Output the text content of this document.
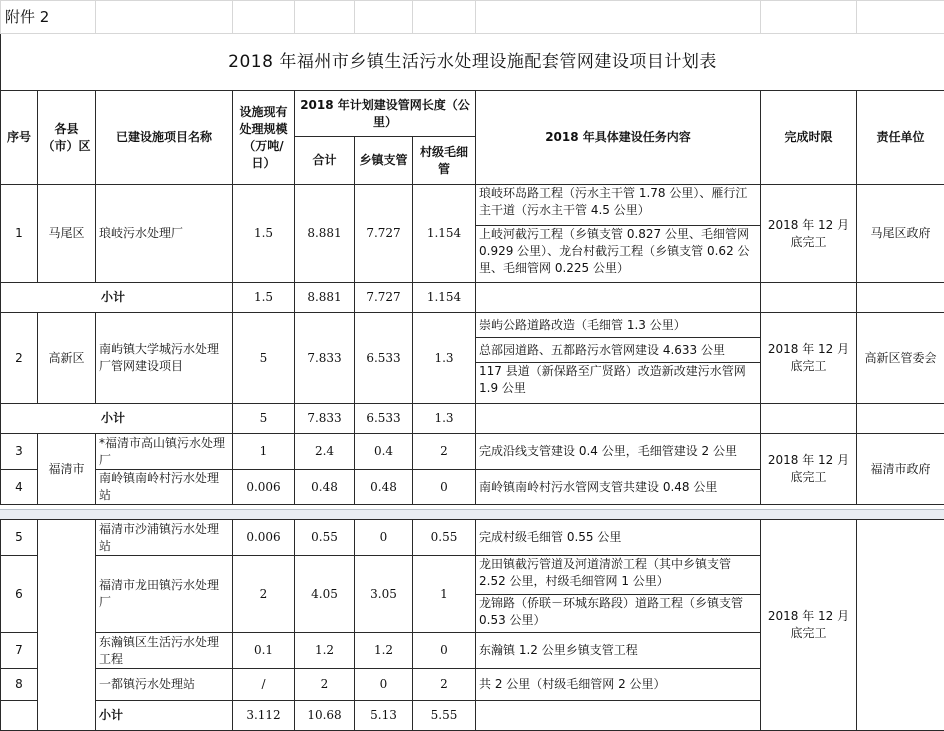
附件 2									
2018 年福州市乡镇生活污水处理设施配套管网建设项目计划表									
序号	各县（市）区	已建设施项目名称	设施现有处理规模（万吨/日）	2018 年计划建设管网长度（公里）			2018 年具体建设任务内容	完成时限	责任单位
				合计	乡镇支管	村级毛细管			
1	马尾区	琅岐污水处理厂	1.5	8.881	7.727	1.154	琅岐环岛路工程（污水主干管 1.78 公里）、雁行江主干道（污水主干管 4.5 公里）
上岐河截污工程（乡镇支管 0.827 公里、毛细管网 0.929 公里）、龙台村截污工程（乡镇支管 0.62 公里、毛细管网 0.225 公里）	2018 年 12 月底完工	马尾区政府
小计			1.5	8.881	7.727	1.154			
2	高新区	南屿镇大学城污水处理厂管网建设项目	5	7.833	6.533	1.3	崇屿公路道路改造（毛细管 1.3 公里）
总部园道路、五都路污水管网建设 4.633 公里
117 县道（新保路至广贤路）改造新改建污水管网 1.9 公里	2018 年 12 月底完工	高新区管委会
小计			5	7.833	6.533	1.3			
3	福清市	*福清市高山镇污水处理厂	1	2.4	0.4	2	完成沿线支管建设 0.4 公里，毛细管建设 2 公里	2018 年 12 月底完工	福清市政府
4		南岭镇南岭村污水处理站	0.006	0.48	0.48	0	南岭镇南岭村污水管网支管共建设 0.48 公里		
5		福清市沙浦镇污水处理站	0.006	0.55	0	0.55	完成村级毛细管 0.55 公里	2018 年 12 月底完工	
6		福清市龙田镇污水处理厂	2	4.05	3.05	1	龙田镇截污管道及河道清淤工程（其中乡镇支管 2.52 公里，村级毛细管网 1 公里）
龙锦路（侨联－环城东路段）道路工程（乡镇支管 0.53 公里）		

7		东瀚镇区生活污水处理工程	0.1	1.2	1.2	0	东瀚镇 1.2 公里乡镇支管工程		
8		一都镇污水处理站	/	2	0	2	共 2 公里（村级毛细管网 2 公里）		
		小计	3.112	10.68	5.13	5.55			
